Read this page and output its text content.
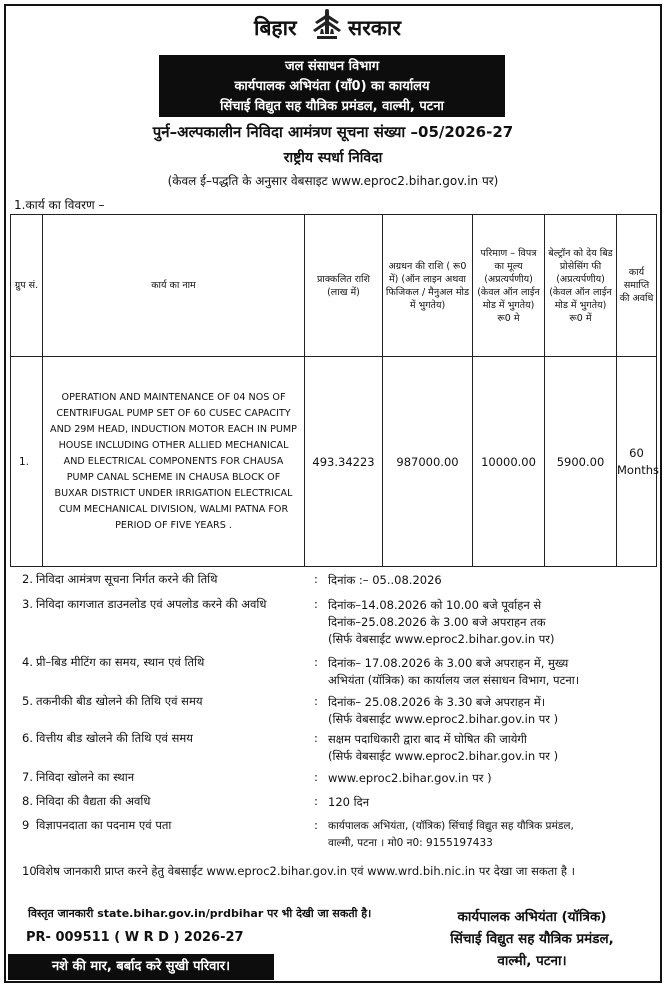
बिहार सरकार
जल संसाधन विभाग
कार्यपालक अभियंता (याँ0) का कार्यालय
सिंचाई विद्युत सह यौत्रिक प्रमंडल, वाल्मी, पटना
पुर्न–अल्पकालीन निविदा आमंत्रण सूचना संख्या –05/2026-27
राष्ट्रीय स्पर्धा निविदा
(केवल ई–पद्धति के अनुसार वेबसाइट www.eproc2.bihar.gov.in पर)
1.कार्य का विवरण –
ग्रुप सं.	कार्य का नाम	प्राक्कलित राशि (लाख में)	अग्रधन की राशि ( रू0 में) (ऑन लाइन अथवा फिजिकल / मैनुअल मोड में भुगतेय)	परिमाण – विपत्र का मूल्य (अप्रत्यर्पणीय) (केवल ऑन लाईन मोड में भुगतेय) रू0 मे	बेल्ट्रॉन को देय बिड प्रोसेसिंग फी (अप्रत्यर्पणीय) (केवल ऑन लाईन मोड में भुगतेय) रू0 में	कार्य समाप्ति की अवधि
1.	OPERATION AND MAINTENANCE OF 04 NOS OF CENTRIFUGAL PUMP SET OF 60 CUSEC CAPACITY AND 29M HEAD, INDUCTION MOTOR EACH IN PUMP HOUSE INCLUDING OTHER ALLIED MECHANICAL AND ELECTRICAL COMPONENTS FOR CHAUSA PUMP CANAL SCHEME IN CHAUSA BLOCK OF BUXAR DISTRICT UNDER IRRIGATION ELECTRICAL CUM MECHANICAL DIVISION, WALMI PATNA FOR PERIOD OF FIVE YEARS .	493.34223	987000.00	10000.00	5900.00	60 Months
2. निविदा आमंत्रण सूचना निर्गत करने की तिथि	: दिनांक :– 05..08.2026
3. निविदा कागजात डाउनलोड एवं अपलोड करने की अवधि	: दिनांक–14.08.2026 को 10.00 बजे पूर्वाहन से
दिनांक–25.08.2026 के 3.00 बजे अपराहन तक
(सिर्फ वेबसाईट www.eproc2.bihar.gov.in पर)
4. प्री–बिड मीटिंग का समय, स्थान एवं तिथि	: दिनांक– 17.08.2026 के 3.00 बजे अपराहन में, मुख्य
अभियंता (यॉत्रिक) का कार्यालय जल संसाधन विभाग, पटना।
5. तकनीकी बीड खोलने की तिथि एवं समय	: दिनांक– 25.08.2026 के 3.30 बजे अपराहन में।
(सिर्फ वेबसाईट www.eproc2.bihar.gov.in पर )
6. वित्तीय बीड खोलने की तिथि एवं समय	: सक्षम पदाधिकारी द्वारा बाद में घोषित की जायेगी
(सिर्फ वेबसाईट www.eproc2.bihar.gov.in पर )
7. निविदा खोलने का स्थान	: www.eproc2.bihar.gov.in पर )
8. निविदा की वैद्यता की अवधि	: 120 दिन
9 विज्ञापनदाता का पदनाम एवं पता	: कार्यपालक अभियंता, (यॉत्रिक) सिंचाई विद्युत सह यौत्रिक प्रमंडल,
वाल्मी, पटना । मो0 न0: 9155197433
10 विशेष जानकारी प्राप्त करने हेतु वेबसाईट www.eproc2.bihar.gov.in एवं www.wrd.bih.nic.in पर देखा जा सकता है ।
विस्तृत जानकारी state.bihar.gov.in/prdbihar पर भी देखी जा सकती है।
PR- 009511 ( W R D ) 2026-27
नशे की मार, बर्बाद करे सुखी परिवार।
कार्यपालक अभियंता (यॉत्रिक)
सिंचाई विद्युत सह यौत्रिक प्रमंडल,
वाल्मी, पटना।
